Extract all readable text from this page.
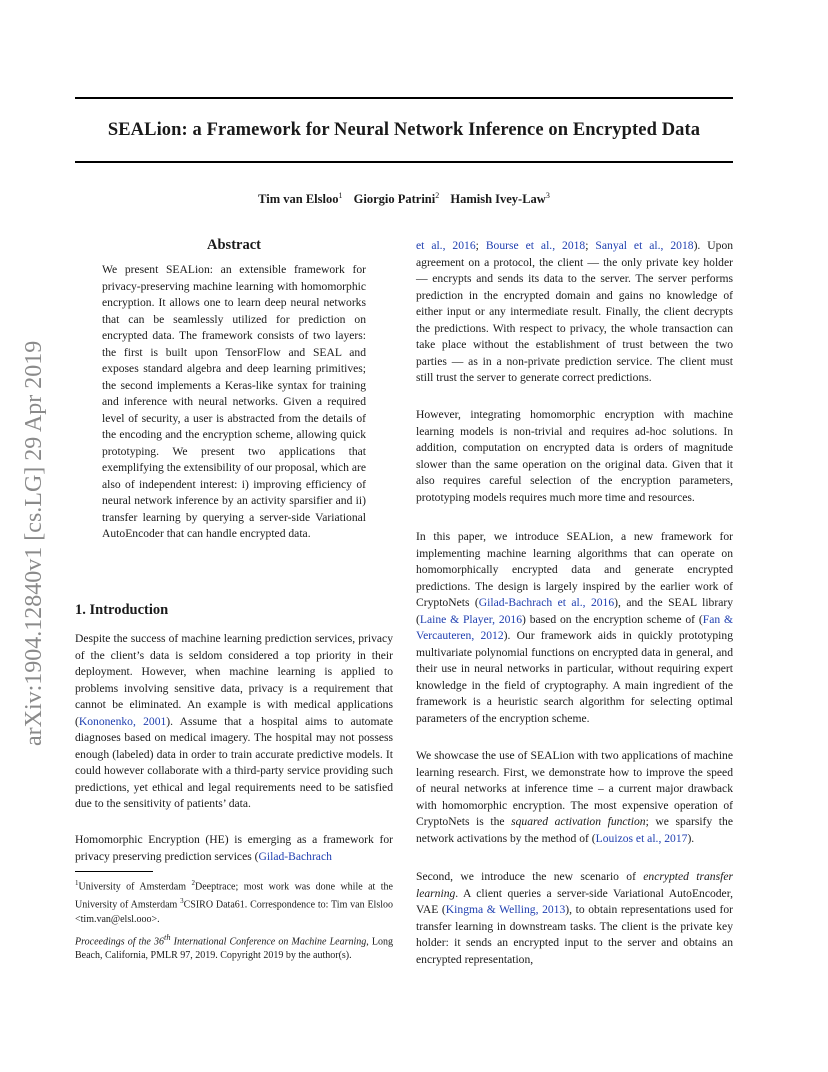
SEALion: a Framework for Neural Network Inference on Encrypted Data
Tim van Elsloo$^1$ Giorgio Patrini$^2$ Hamish Ivey-Law$^3$
arXiv:1904.12840v1 [cs.LG] 29 Apr 2019
Abstract

We present SEALion: an extensible framework for privacy-preserving machine learning with homomorphic encryption. It allows one to learn deep neural networks that can be seamlessly utilized for prediction on encrypted data. The framework consists of two layers: the first is built upon TensorFlow and SEAL and exposes standard algebra and deep learning primitives; the second implements a Keras-like syntax for training and inference with neural networks. Given a required level of security, a user is abstracted from the details of the encoding and the encryption scheme, allowing quick prototyping. We present two applications that exemplifying the extensibility of our proposal, which are also of independent interest: i) improving efficiency of neural network inference by an activity sparsifier and ii) transfer learning by querying a server-side Variational AutoEncoder that can handle encrypted data.

1. Introduction

Despite the success of machine learning prediction services, privacy of the client’s data is seldom considered a top priority in their deployment. However, when machine learning is applied to problems involving sensitive data, privacy is a requirement that cannot be eliminated. An example is with medical applications (Kononenko, 2001). Assume that a hospital aims to automate diagnoses based on medical imagery. The hospital may not possess enough (labeled) data in order to train accurate predictive models. It could however collaborate with a third-party service providing such predictions, yet ethical and legal requirements need to be satisfied due to the sensitivity of patients’ data.

Homomorphic Encryption (HE) is emerging as a framework for privacy preserving prediction services (Gilad-Bachrach

$^1$University of Amsterdam $^2$Deeptrace; most work was done while at the University of Amsterdam $^3$CSIRO Data61. Correspondence to: Tim van Elsloo <tim.van@elsl.ooo>.

Proceedings of the 36th International Conference on Machine Learning, Long Beach, California, PMLR 97, 2019. Copyright 2019 by the author(s).

et al., 2016; Bourse et al., 2018; Sanyal et al., 2018). Upon agreement on a protocol, the client — the only private key holder — encrypts and sends its data to the server. The server performs prediction in the encrypted domain and gains no knowledge of either input or any intermediate result. Finally, the client decrypts the predictions. With respect to privacy, the whole transaction can take place without the establishment of trust between the two parties — as in a non-private prediction service. The client must still trust the server to generate correct predictions.

However, integrating homomorphic encryption with machine learning models is non-trivial and requires ad-hoc solutions. In addition, computation on encrypted data is orders of magnitude slower than the same operation on the original data. Given that it also requires careful selection of the encryption parameters, prototyping models requires much more time and resources.

In this paper, we introduce SEALion, a new framework for implementing machine learning algorithms that can operate on homomorphically encrypted data and generate encrypted predictions. The design is largely inspired by the earlier work of CryptoNets (Gilad-Bachrach et al., 2016), and the SEAL library (Laine & Player, 2016) based on the encryption scheme of (Fan & Vercauteren, 2012). Our framework aids in quickly prototyping multivariate polynomial functions on encrypted data in general, and their use in neural networks in particular, without requiring expert knowledge in the field of cryptography. A main ingredient of the framework is a heuristic search algorithm for selecting optimal parameters of the encryption scheme.

We showcase the use of SEALion with two applications of machine learning research. First, we demonstrate how to improve the speed of neural networks at inference time – a current major drawback with homomorphic encryption. The most expensive operation of CryptoNets is the squared activation function; we sparsify the network activations by the method of (Louizos et al., 2017).

Second, we introduce the new scenario of encrypted transfer learning. A client queries a server-side Variational AutoEncoder, VAE (Kingma & Welling, 2013), to obtain representations used for transfer learning in downstream tasks. The client is the private key holder: it sends an encrypted input to the server and obtains an encrypted representation,
